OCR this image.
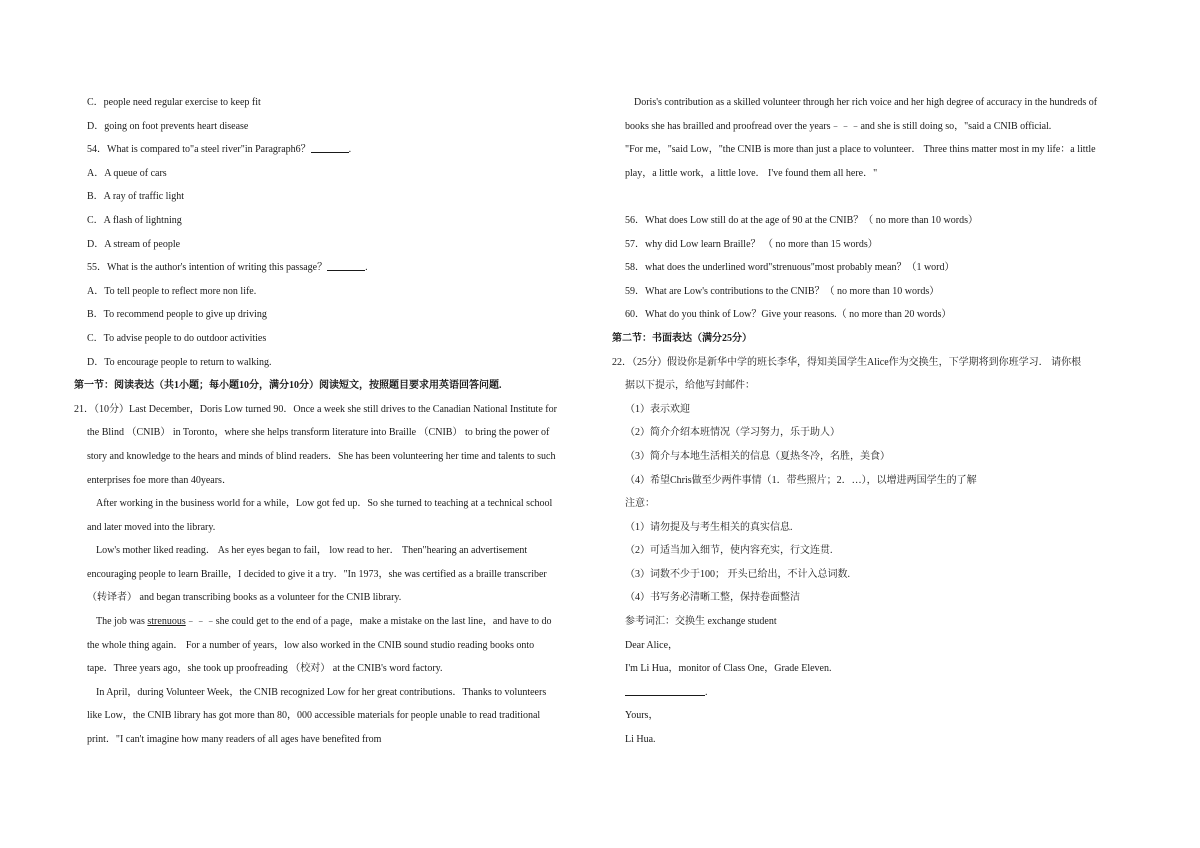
C．people need regular exercise to keep fit
D．going on foot prevents heart disease
54．What is compared to"a steel river"in Paragraph6？	.
A．A queue of cars
B．A ray of traffic light
C．A flash of lightning
D．A stream of people
55．What is the author's intention of writing this passage？	.
A．To tell people to reflect more non life.
B．To recommend people to give up driving
C．To advise people to do outdoor activities
D．To encourage people to return to walking.
第一节：阅读表达（共1小题；每小题10分，满分10分）阅读短文，按照题目要求用英语回答问题.
21．（10分）Last December，Doris Low turned 90．Once a week she still drives to the Canadian National Institute for
the Blind （CNIB） in Toronto，where she helps transform literature into Braille （CNIB） to bring the power of
story and knowledge to the hears and minds of blind readers．She has been volunteering her time and talents to such
enterprises foe more than 40years．
After working in the business world for a while，Low got fed up．So she turned to teaching at a technical school
and later moved into the library.
Low's mother liked reading． As her eyes began to fail， low read to her． Then"hearing an advertisement
encouraging people to learn Braille，I decided to give it a try．"In 1973，she was certified as a braille transcriber
（转译者） and began transcribing books as a volunteer for the CNIB library.
The job was strenuous﹣﹣﹣she could get to the end of a page，make a mistake on the last line，and have to do
the whole thing again． For a number of years，low also worked in the CNIB sound studio reading books onto
tape．Three years ago，she took up proofreading （校对） at the CNIB's word factory.
In April，during Volunteer Week，the CNIB recognized Low for her great contributions．Thanks to volunteers
like Low，the CNIB library has got more than 80，000 accessible materials for people unable to read traditional
print．"I can't imagine how many readers of all ages have benefited from
Doris's contribution as a skilled volunteer through her rich voice and her high degree of accuracy in the hundreds of
books she has brailled and proofread over the years﹣﹣﹣and she is still doing so，"said a CNIB official.
"For me，"said Low，"the CNIB is more than just a place to volunteer． Three thins matter most in my life：a little
play，a little work，a little love． I've found them all here．"
56．What does Low still do at the age of 90 at the CNIB？（ no more than 10 words）
57．why did Low learn Braille？ （ no more than 15 words）
58．what does the underlined word"strenuous"most probably mean？（1 word）
59．What are Low's contributions to the CNIB？（ no more than 10 words）
60．What do you think of Low？Give your reasons.（ no more than 20 words）
第二节：书面表达（满分25分）
22．（25分）假设你是新华中学的班长李华，得知美国学生Alice作为交换生，下学期将到你班学习． 请你根
据以下提示，给他写封邮件：
（1）表示欢迎
（2）简介介绍本班情况（学习努力，乐于助人）
（3）简介与本地生活相关的信息（夏热冬冷，名胜，美食）
（4）希望Chris做至少两件事情（1．带些照片；2．…），以增进两国学生的了解
注意：
（1）请勿提及与考生相关的真实信息.
（2）可适当加入细节，使内容充实，行文连贯.
（3）词数不少于100； 开头已给出，不计入总词数.
（4）书写务必清晰工整，保持卷面整洁
参考词汇：交换生 exchange student
Dear Alice，
I'm Li Hua，monitor of Class One，Grade Eleven.
.
Yours，
Li Hua.
